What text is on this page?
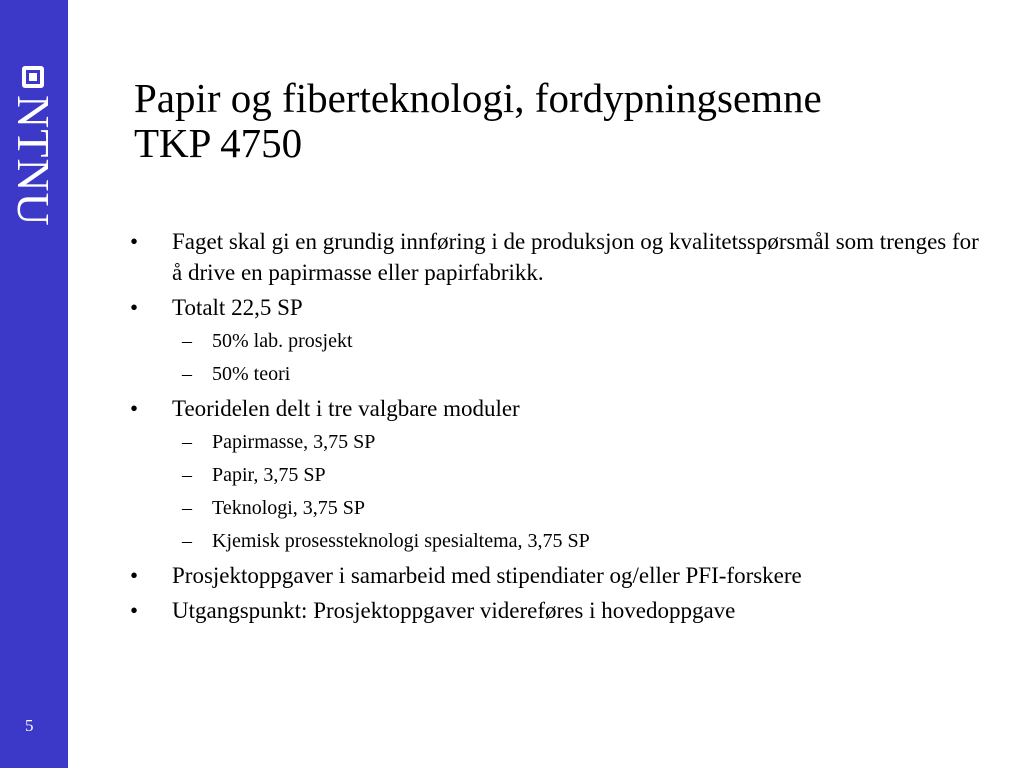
NTNU
5
Papir og fiberteknologi, fordypningsemne
TKP 4750
•	Faget skal gi en grundig innføring i de produksjon og kvalitetsspørsmål som trenges for å drive en papirmasse eller papirfabrikk.
•	Totalt 22,5 SP
–	50% lab. prosjekt
–	50% teori
•	Teoridelen delt i tre valgbare moduler
–	Papirmasse, 3,75 SP
–	Papir, 3,75 SP
–	Teknologi, 3,75 SP
–	Kjemisk prosessteknologi spesialtema, 3,75 SP
•	Prosjektoppgaver i samarbeid med stipendiater og/eller PFI-forskere
•	Utgangspunkt: Prosjektoppgaver videreføres i hovedoppgave
